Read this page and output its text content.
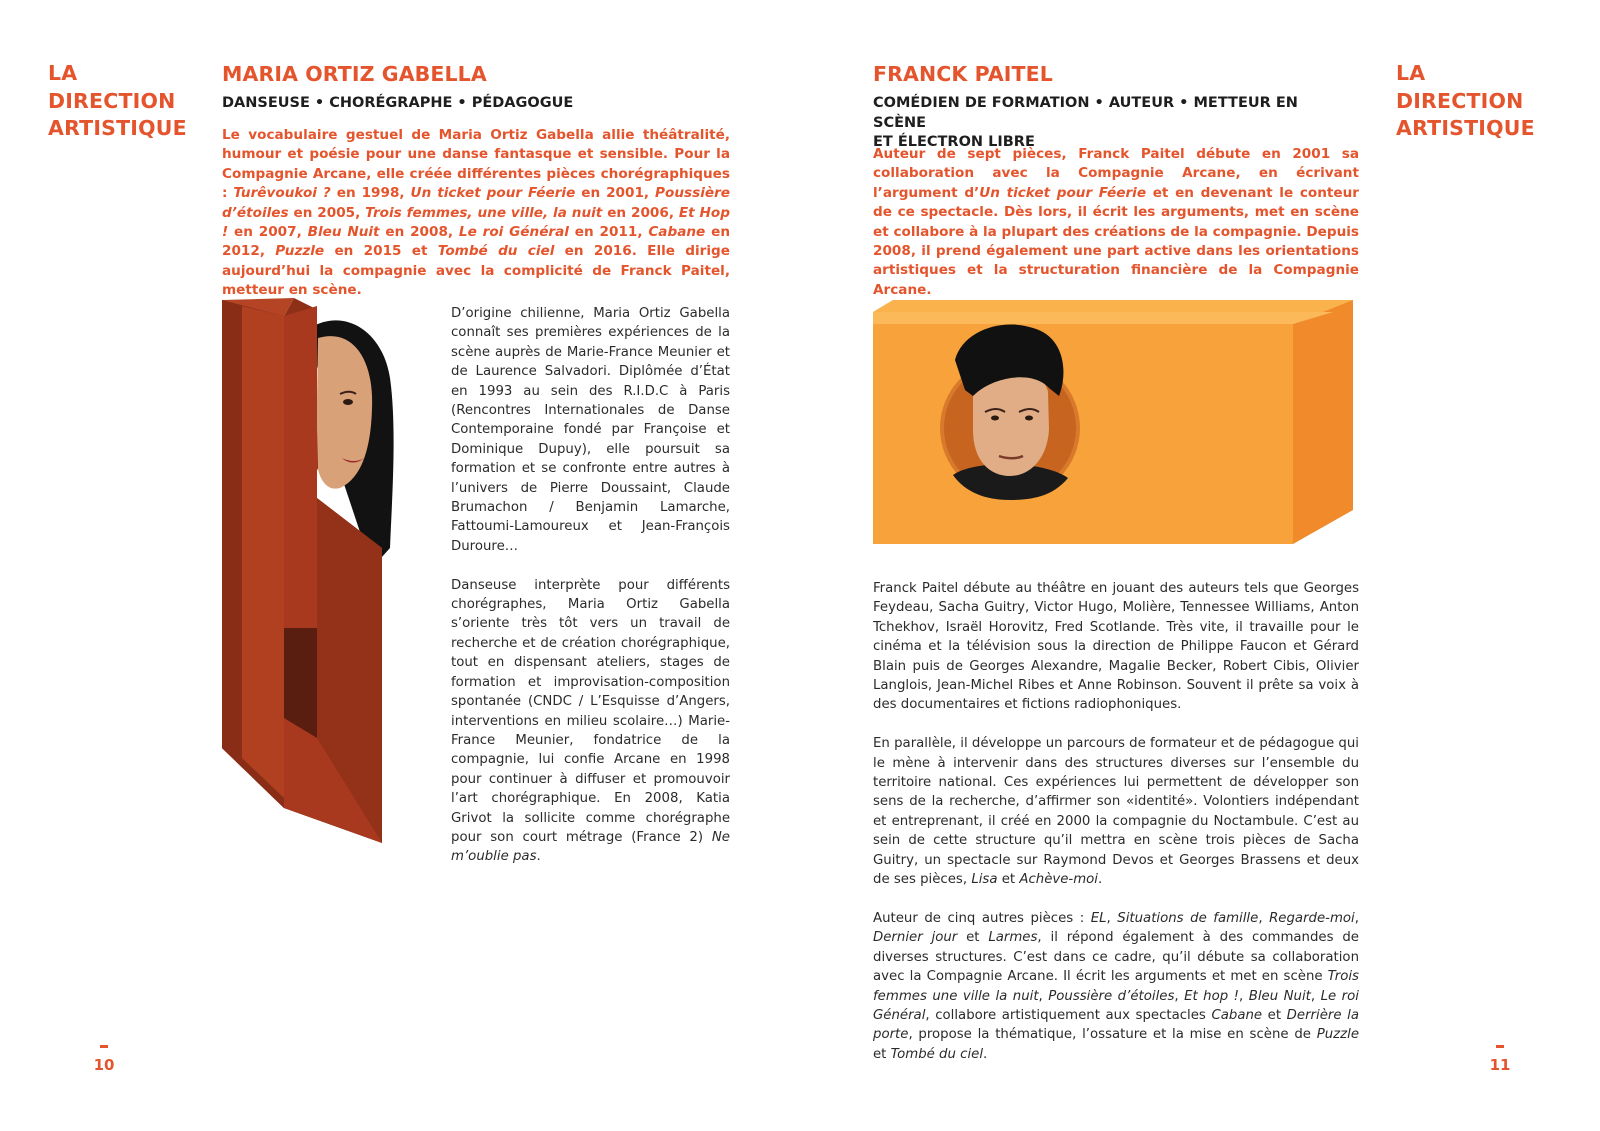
LA
DIRECTION
ARTISTIQUE
MARIA ORTIZ GABELLA
DANSEUSE • CHORÉGRAPHE • PÉDAGOGUE

Le vocabulaire gestuel de Maria Ortiz Gabella allie théâtralité, humour et poésie pour une danse fantasque et sensible. Pour la Compagnie Arcane, elle créée différentes pièces chorégraphiques : Turêvoukoi ? en 1998, Un ticket pour Féerie en 2001, Poussière d’étoiles en 2005, Trois femmes, une ville, la nuit en 2006, Et Hop ! en 2007, Bleu Nuit en 2008, Le roi Général en 2011, Cabane en 2012, Puzzle en 2015 et Tombé du ciel en 2016. Elle dirige aujourd’hui la compagnie avec la complicité de Franck Paitel, metteur en scène.

D’origine chilienne, Maria Ortiz Gabella connaît ses premières expériences de la scène auprès de Marie-France Meunier et de Laurence Salvadori. Diplômée d’État en 1993 au sein des R.I.D.C à Paris (Rencontres Internationales de Danse Contemporaine fondé par Françoise et Dominique Dupuy), elle poursuit sa formation et se confronte entre autres à l’univers de Pierre Doussaint, Claude Brumachon / Benjamin Lamarche, Fattoumi-Lamoureux et Jean-François Duroure…

Danseuse interprète pour différents chorégraphes, Maria Ortiz Gabella s’oriente très tôt vers un travail de recherche et de création chorégraphique, tout en dispensant ateliers, stages de formation et improvisation-composition spontanée (CNDC / L’Esquisse d’Angers, interventions en milieu scolaire…) Marie-France Meunier, fondatrice de la compagnie, lui confie Arcane en 1998 pour continuer à diffuser et promouvoir l’art chorégraphique. En 2008, Katia Grivot la sollicite comme chorégraphe pour son court métrage (France 2) Ne m’oublie pas.

10
LA
DIRECTION
ARTISTIQUE
FRANCK PAITEL
COMÉDIEN DE FORMATION • AUTEUR • METTEUR EN SCÈNE
ET ÉLECTRON LIBRE

Auteur de sept pièces, Franck Paitel débute en 2001 sa collaboration avec la Compagnie Arcane, en écrivant l’argument d’Un ticket pour Féerie et en devenant le conteur de ce spectacle. Dès lors, il écrit les arguments, met en scène et collabore à la plupart des créations de la compagnie. Depuis 2008, il prend également une part active dans les orientations artistiques et la structuration financière de la Compagnie Arcane.

Franck Paitel débute au théâtre en jouant des auteurs tels que Georges Feydeau, Sacha Guitry, Victor Hugo, Molière, Tennessee Williams, Anton Tchekhov, Israël Horovitz, Fred Scotlande. Très vite, il travaille pour le cinéma et la télévision sous la direction de Philippe Faucon et Gérard Blain puis de Georges Alexandre, Magalie Becker, Robert Cibis, Olivier Langlois, Jean-Michel Ribes et Anne Robinson. Souvent il prête sa voix à des documentaires et fictions radiophoniques.

En parallèle, il développe un parcours de formateur et de pédagogue qui le mène à intervenir dans des structures diverses sur l’ensemble du territoire national. Ces expériences lui permettent de développer son sens de la recherche, d’affirmer son «identité». Volontiers indépendant et entreprenant, il créé en 2000 la compagnie du Noctambule. C’est au sein de cette structure qu’il mettra en scène trois pièces de Sacha Guitry, un spectacle sur Raymond Devos et Georges Brassens et deux de ses pièces, Lisa et Achève-moi.

Auteur de cinq autres pièces : EL, Situations de famille, Regarde-moi, Dernier jour et Larmes, il répond également à des commandes de diverses structures. C’est dans ce cadre, qu’il débute sa collaboration avec la Compagnie Arcane. Il écrit les arguments et met en scène Trois femmes une ville la nuit, Poussière d’étoiles, Et hop !, Bleu Nuit, Le roi Général, collabore artistiquement aux spectacles Cabane et Derrière la porte, propose la thématique, l’ossature et la mise en scène de Puzzle et Tombé du ciel.

11
